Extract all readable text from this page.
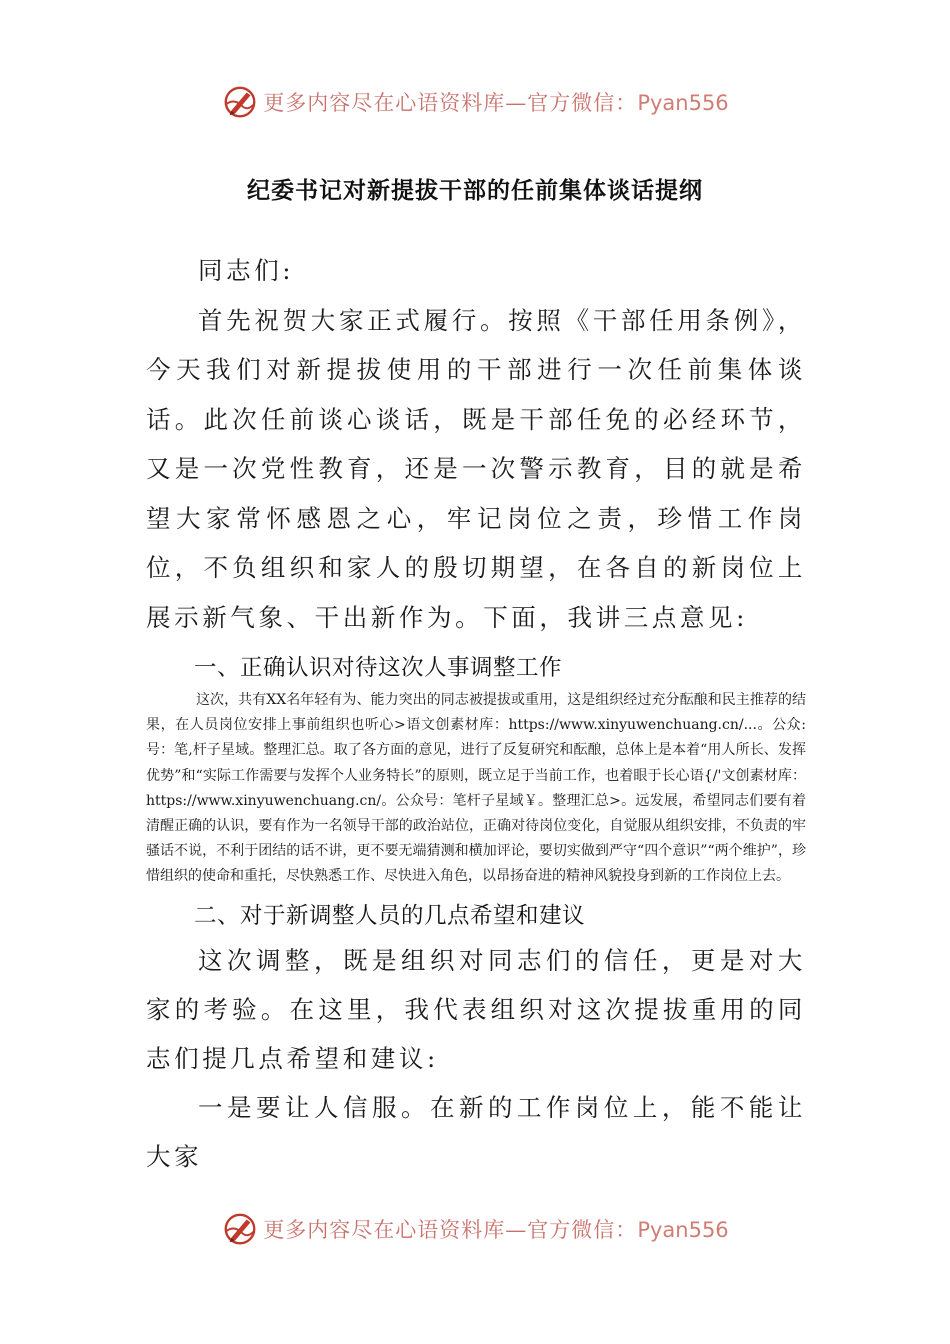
更多内容尽在心语资料库—官方微信：Pyan556
纪委书记对新提拔干部的任前集体谈话提纲

同志们:

首先祝贺大家正式履行。按照《干部任用条例》，今天我们对新提拔使用的干部进行一次任前集体谈话。此次任前谈心谈话，既是干部任免的必经环节，又是一次党性教育，还是一次警示教育，目的就是希望大家常怀感恩之心，牢记岗位之责，珍惜工作岗位，不负组织和家人的殷切期望，在各自的新岗位上展示新气象、干出新作为。下面，我讲三点意见:

一、正确认识对待这次人事调整工作

这次，共有XX名年轻有为、能力突出的同志被提拔或重用，这是组织经过充分酝酿和民主推荐的结果，在人员岗位安排上事前组织也听心>语文创素材库：https://www.xinyuwenchuang.cn/...。公众:号：笔,杆子星域。整理汇总。取了各方面的意见，进行了反复研究和酝酿，总体上是本着“用人所长、发挥优势”和“实际工作需要与发挥个人业务特长”的原则，既立足于当前工作，也着眼于长心语{/'文创素材库：https://www.xinyuwenchuang.cn/。公众号：笔杆子星域￥。整理汇总>。远发展，希望同志们要有着清醒正确的认识，要有作为一名领导干部的政治站位，正确对待岗位变化，自觉服从组织安排，不负责的牢骚话不说，不利于团结的话不讲，更不要无端猜测和横加评论，要切实做到严守“四个意识”“两个维护”，珍惜组织的使命和重托，尽快熟悉工作、尽快进入角色，以昂扬奋进的精神风貌投身到新的工作岗位上去。

二、对于新调整人员的几点希望和建议

这次调整，既是组织对同志们的信任，更是对大家的考验。在这里，我代表组织对这次提拔重用的同志们提几点希望和建议:

一是要让人信服。在新的工作岗位上，能不能让大家

更多内容尽在心语资料库—官方微信：Pyan556
